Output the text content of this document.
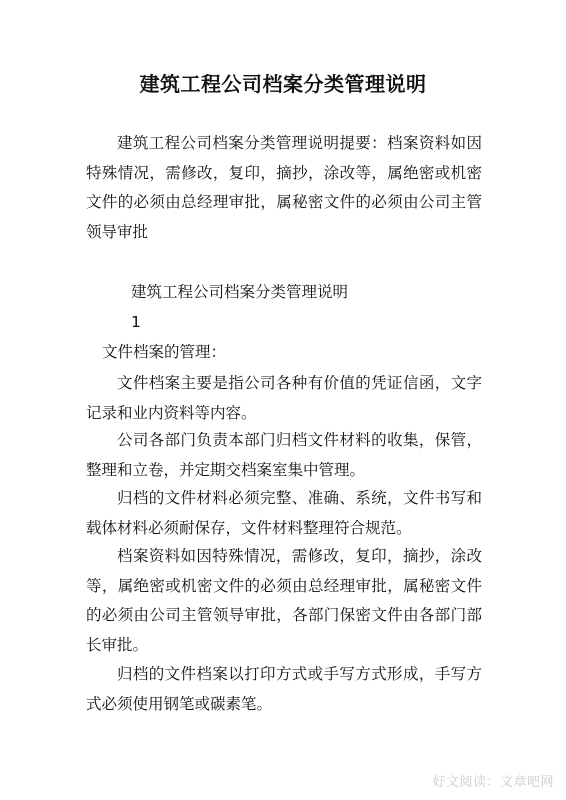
建筑工程公司档案分类管理说明

建筑工程公司档案分类管理说明提要：档案资料如因特殊情况，需修改，复印，摘抄，涂改等，属绝密或机密文件的必须由总经理审批，属秘密文件的必须由公司主管领导审批

建筑工程公司档案分类管理说明

1

文件档案的管理：

文件档案主要是指公司各种有价值的凭证信函，文字记录和业内资料等内容。

公司各部门负责本部门归档文件材料的收集，保管，整理和立卷，并定期交档案室集中管理。

归档的文件材料必须完整、准确、系统，文件书写和载体材料必须耐保存，文件材料整理符合规范。

档案资料如因特殊情况，需修改，复印，摘抄，涂改等，属绝密或机密文件的必须由总经理审批，属秘密文件的必须由公司主管领导审批，各部门保密文件由各部门部长审批。

归档的文件档案以打印方式或手写方式形成，手写方式必须使用钢笔或碳素笔。

好文阅读：文章吧网
